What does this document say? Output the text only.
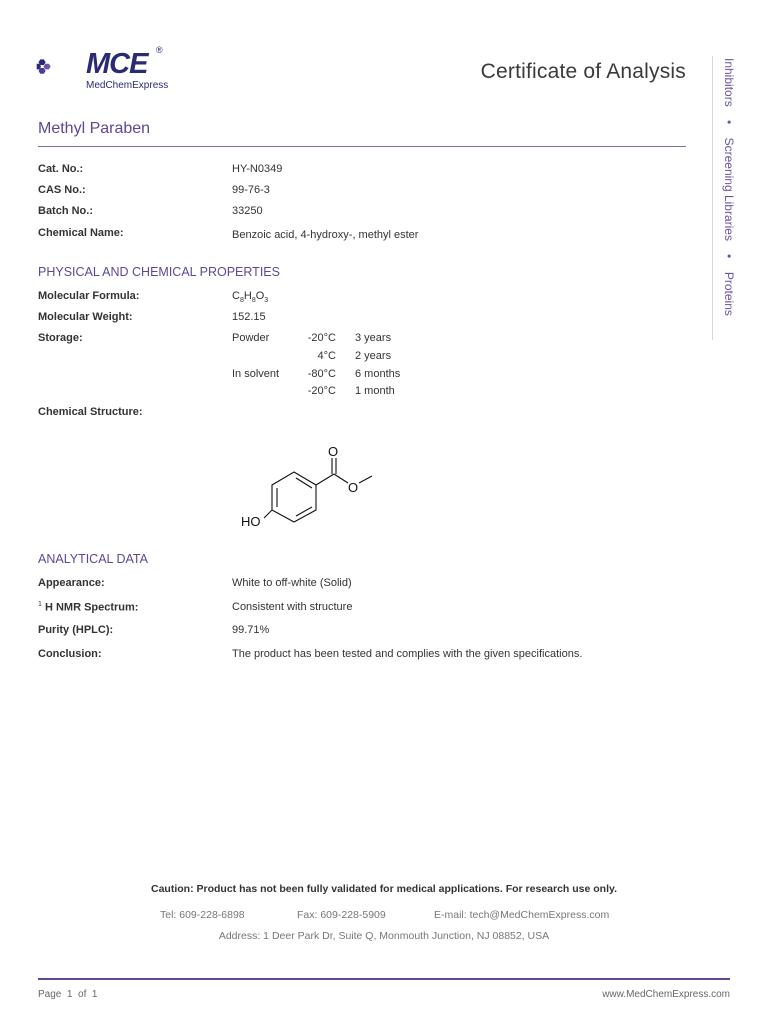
MCE
MedChemExpress
®
Certificate of Analysis	Inhibitors • Screening Libraries • Proteins
Methyl Paraben
Cat. No.:	HY-N0349
CAS No.:	99-76-3
Batch No.:	33250
Chemical Name:	Benzoic acid, 4-hydroxy-, methyl ester
PHYSICAL AND CHEMICAL PROPERTIES
Molecular Formula:	$C_8H_8O_3$
Molecular Weight:	152.15
Storage:	Powder	-20°C 3 years
4°C 2 years
In solvent	-80°C 6 months
-20°C 1 month
Chemical Structure:
O
O
HO
ANALYTICAL DATA
Appearance:	White to off-white (Solid)
$^1$ H NMR Spectrum:	Consistent with structure
Purity (HPLC):	99.71%
Conclusion:	The product has been tested and complies with the given specifications.
Caution: Product has not been fully validated for medical applications. For research use only.
Tel: 609-228-6898	Fax: 609-228-5909	E-mail: tech@MedChemExpress.com
Address: 1 Deer Park Dr, Suite Q, Monmouth Junction, NJ 08852, USA
Page  1  of  1	www.MedChemExpress.com
